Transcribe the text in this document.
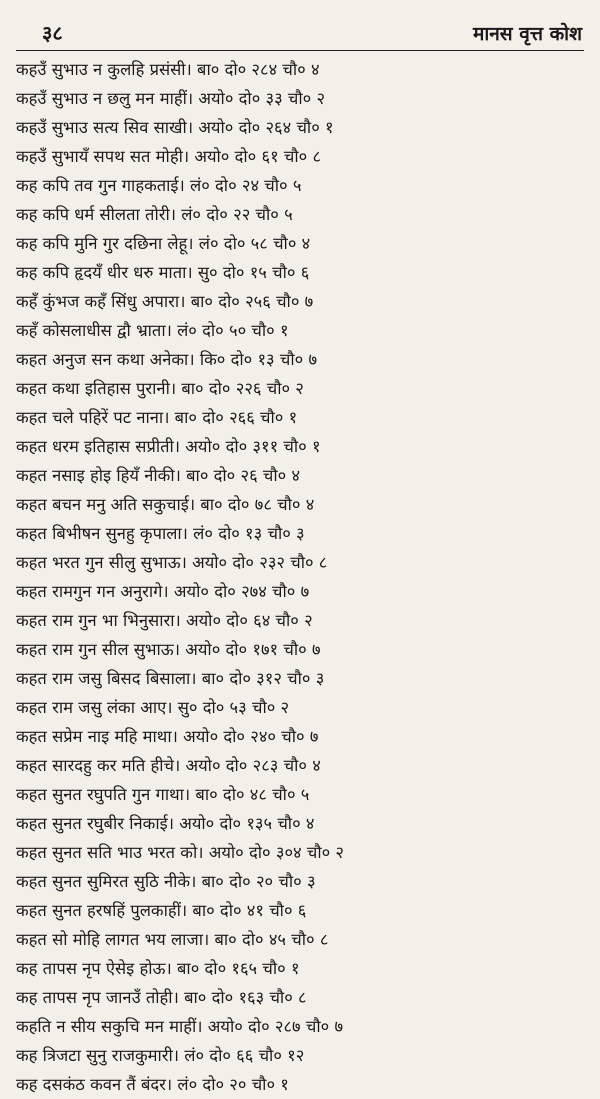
३८	मानस वृत्त कोश
कहउँ सुभाउ न कुलहि प्रसंसी। बा० दो० २८४ चौ० ४
कहउँ सुभाउ न छलु मन माहीं। अयो० दो० ३३ चौ० २
कहउँ सुभाउ सत्य सिव साखी। अयो० दो० २६४ चौ० १
कहउँ सुभायँ सपथ सत मोही। अयो० दो० ६१ चौ० ८
कह कपि तव गुन गाहकताई। लं० दो० २४ चौ० ५
कह कपि धर्म सीलता तोरी। लं० दो० २२ चौ० ५
कह कपि मुनि गुर दछिना लेहू। लं० दो० ५८ चौ० ४
कह कपि हृदयँ धीर धरु माता। सु० दो० १५ चौ० ६
कहँ कुंभज कहँ सिंधु अपारा। बा० दो० २५६ चौ० ७
कहँ कोसलाधीस द्वौ भ्राता। लं० दो० ५० चौ० १
कहत अनुज सन कथा अनेका। कि० दो० १३ चौ० ७
कहत कथा इतिहास पुरानी। बा० दो० २२६ चौ० २
कहत चले पहिरें पट नाना। बा० दो० २६६ चौ० १
कहत धरम इतिहास सप्रीती। अयो० दो० ३११ चौ० १
कहत नसाइ होइ हियँ नीकी। बा० दो० २६ चौ० ४
कहत बचन मनु अति सकुचाई। बा० दो० ७८ चौ० ४
कहत बिभीषन सुनहु कृपाला। लं० दो० १३ चौ० ३
कहत भरत गुन सीलु सुभाऊ। अयो० दो० २३२ चौ० ८
कहत रामगुन गन अनुरागे। अयो० दो० २७४ चौ० ७
कहत राम गुन भा भिनुसारा। अयो० दो० ६४ चौ० २
कहत राम गुन सील सुभाऊ। अयो० दो० १७१ चौ० ७
कहत राम जसु बिसद बिसाला। बा० दो० ३१२ चौ० ३
कहत राम जसु लंका आए। सु० दो० ५३ चौ० २
कहत सप्रेम नाइ महि माथा। अयो० दो० २४० चौ० ७
कहत सारदहु कर मति हीचे। अयो० दो० २८३ चौ० ४
कहत सुनत रघुपति गुन गाथा। बा० दो० ४८ चौ० ५
कहत सुनत रघुबीर निकाई। अयो० दो० १३५ चौ० ४
कहत सुनत सति भाउ भरत को। अयो० दो० ३०४ चौ० २
कहत सुनत सुमिरत सुठि नीके। बा० दो० २० चौ० ३
कहत सुनत हरषहिं पुलकाहीं। बा० दो० ४१ चौ० ६
कहत सो मोहि लागत भय लाजा। बा० दो० ४५ चौ० ८
कह तापस नृप ऐसेइ होऊ। बा० दो० १६५ चौ० १
कह तापस नृप जानउँ तोही। बा० दो० १६३ चौ० ८
कहति न सीय सकुचि मन माहीं। अयो० दो० २८७ चौ० ७
कह त्रिजटा सुनु राजकुमारी। लं० दो० ६६ चौ० १२
कह दसकंठ कवन तैं बंदर। लं० दो० २० चौ० १
